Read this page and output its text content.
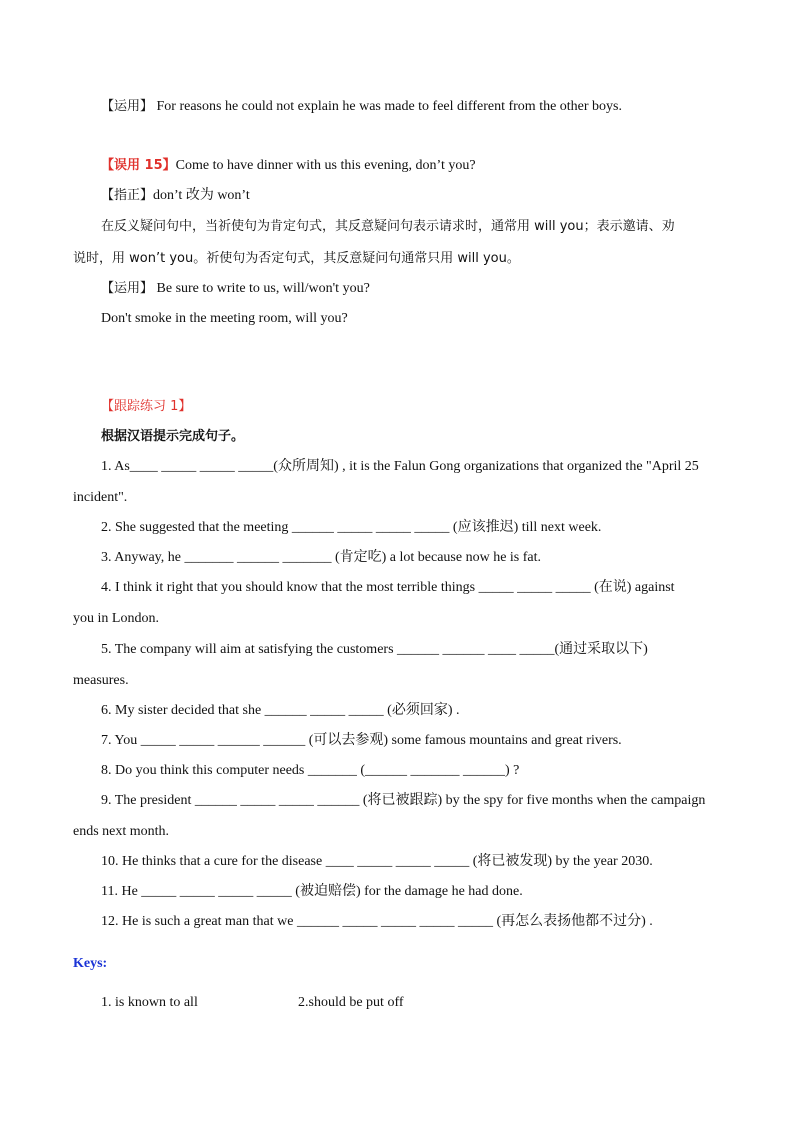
【运用】 For reasons he could not explain he was made to feel different from the other boys.
【误用 15】Come to have dinner with us this evening, don’t you?
【指正】don’t 改为 won’t
在反义疑问句中，当祈使句为肯定句式，其反意疑问句表示请求时，通常用 will you；表示邀请、劝
说时，用 won’t you。祈使句为否定句式，其反意疑问句通常只用 will you。
【运用】 Be sure to write to us, will/won't you?
Don't smoke in the meeting room, will you?
【跟踪练习 1】
根据汉语提示完成句子。
1. As____ _____ _____ _____(众所周知) , it is the Falun Gong organizations that organized the "April 25
incident".
2. She suggested that the meeting ______ _____ _____ _____ (应该推迟) till next week.
3. Anyway, he _______ ______ _______ (肯定吃) a lot because now he is fat.
4. I think it right that you should know that the most terrible things _____ _____ _____ (在说) against
you in London.
5. The company will aim at satisfying the customers ______ ______ ____ _____(通过采取以下)
measures.
6. My sister decided that she ______ _____ _____ (必须回家) .
7. You _____ _____ ______ ______ (可以去参观) some famous mountains and great rivers.
8. Do you think this computer needs _______ (______ _______ ______) ?
9. The president ______ _____ _____ ______ (将已被跟踪) by the spy for five months when the campaign
ends next month.
10. He thinks that a cure for the disease ____ _____ _____ _____ (将已被发现) by the year 2030.
11. He _____ _____ _____ _____ (被迫赔偿) for the damage he had done.
12. He is such a great man that we ______ _____ _____ _____ _____ (再怎么表扬他都不过分) .
Keys:
1. is known to all	2.should be put off
